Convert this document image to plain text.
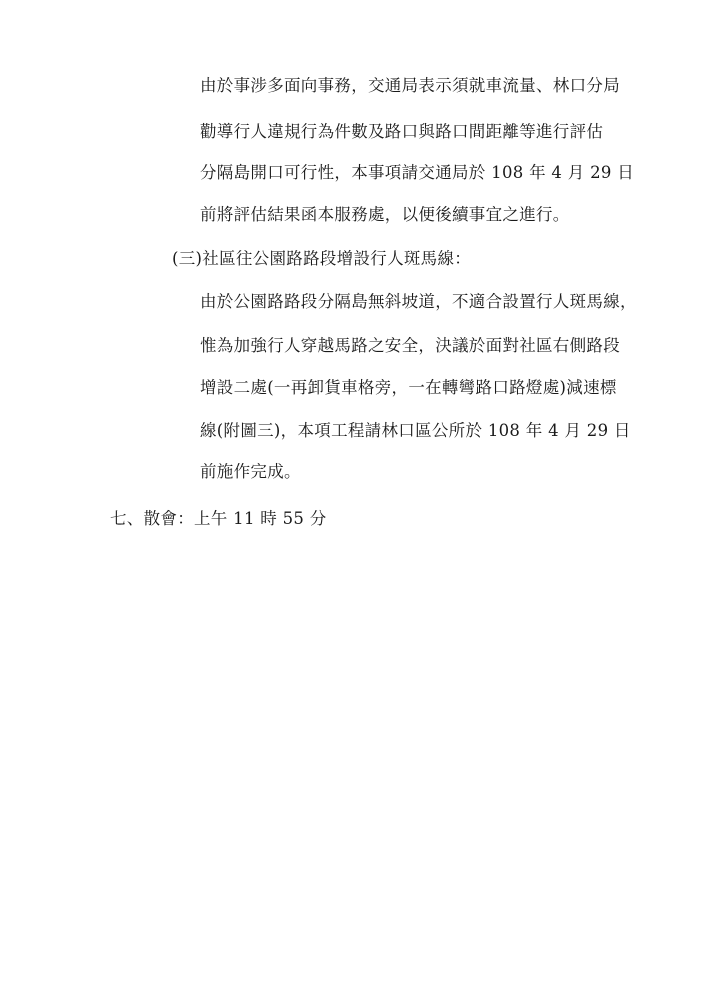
由於事涉多面向事務，交通局表示須就車流量、林口分局
勸導行人違規行為件數及路口與路口間距離等進行評估
分隔島開口可行性，本事項請交通局於 108 年 4 月 29 日
前將評估結果函本服務處，以便後續事宜之進行。
(三)社區往公園路路段增設行人斑馬線：
由於公園路路段分隔島無斜坡道，不適合設置行人斑馬線，
惟為加強行人穿越馬路之安全，決議於面對社區右側路段
增設二處(一再卸貨車格旁，一在轉彎路口路燈處)減速標
線(附圖三)，本項工程請林口區公所於 108 年 4 月 29 日
前施作完成。
七、散會：上午 11 時 55 分
